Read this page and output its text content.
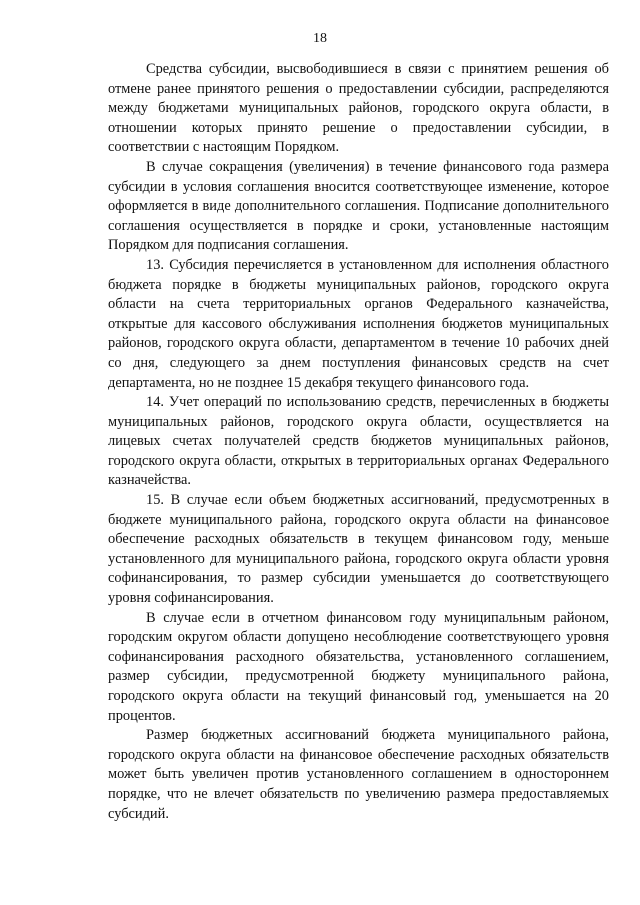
18

Средства субсидии, высвободившиеся в связи с принятием решения об отмене ранее принятого решения о предоставлении субсидии, распределяются между бюджетами муниципальных районов, городского округа области, в отношении которых принято решение о предоставлении субсидии, в соответствии с настоящим Порядком.

В случае сокращения (увеличения) в течение финансового года размера субсидии в условия соглашения вносится соответствующее изменение, которое оформляется в виде дополнительного соглашения. Подписание дополнительного соглашения осуществляется в порядке и сроки, установленные настоящим Порядком для подписания соглашения.

13. Субсидия перечисляется в установленном для исполнения областного бюджета порядке в бюджеты муниципальных районов, городского округа области на счета территориальных органов Федерального казначейства, открытые для кассового обслуживания исполнения бюджетов муниципальных районов, городского округа области, департаментом в течение 10 рабочих дней со дня, следующего за днем поступления финансовых средств на счет департамента, но не позднее 15 декабря текущего финансового года.

14. Учет операций по использованию средств, перечисленных в бюджеты муниципальных районов, городского округа области, осуществляется на лицевых счетах получателей средств бюджетов муниципальных районов, городского округа области, открытых в территориальных органах Федерального казначейства.

15. В случае если объем бюджетных ассигнований, предусмотренных в бюджете муниципального района, городского округа области на финансовое обеспечение расходных обязательств в текущем финансовом году, меньше установленного для муниципального района, городского округа области уровня софинансирования, то размер субсидии уменьшается до соответствующего уровня софинансирования.

В случае если в отчетном финансовом году муниципальным районом, городским округом области допущено несоблюдение соответствующего уровня софинансирования расходного обязательства, установленного соглашением, размер субсидии, предусмотренной бюджету муниципального района, городского округа области на текущий финансовый год, уменьшается на 20 процентов.

Размер бюджетных ассигнований бюджета муниципального района, городского округа области на финансовое обеспечение расходных обязательств может быть увеличен против установленного соглашением в одностороннем порядке, что не влечет обязательств по увеличению размера предоставляемых субсидий.
